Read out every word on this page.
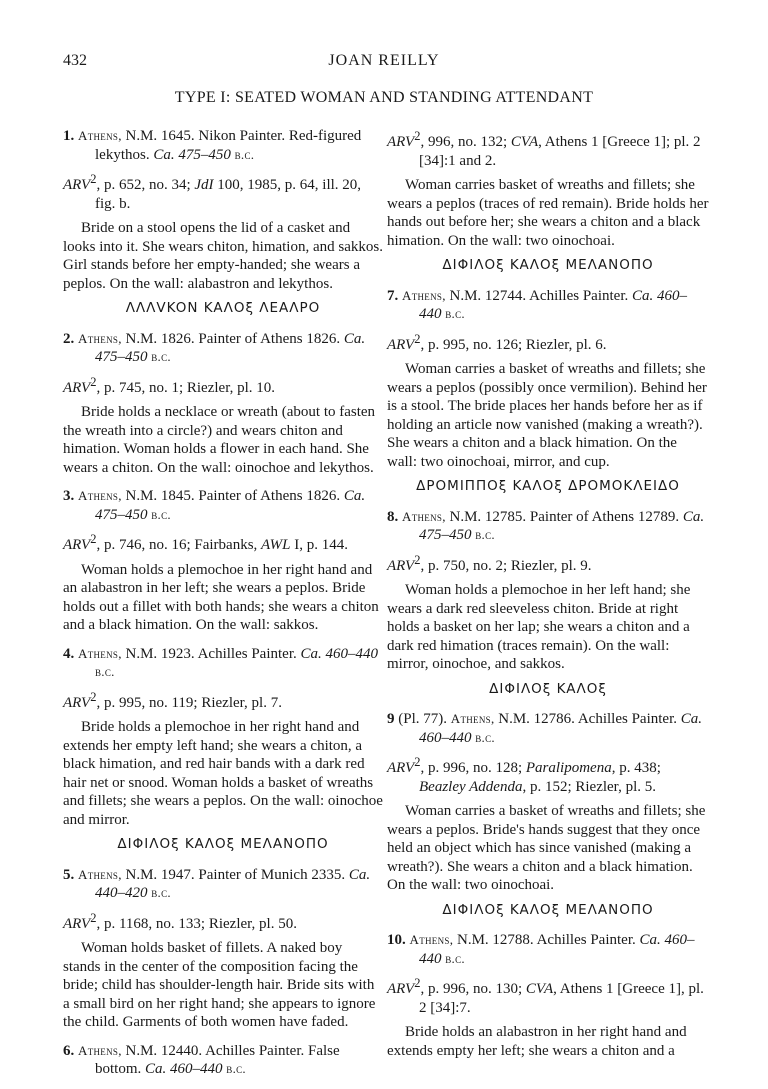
432	JOAN REILLY
TYPE I: SEATED WOMAN AND STANDING ATTENDANT

1. Athens, N.M. 1645. Nikon Painter. Red-figured lekythos. Ca. 475–450 b.c.

ARV$^2$, p. 652, no. 34; JdI 100, 1985, p. 64, ill. 20, fig. b.

Bride on a stool opens the lid of a casket and looks into it. She wears chiton, himation, and sakkos. Girl stands before her empty-handed; she wears a peplos. On the wall: alabastron and lekythos.

ΛΛΛVKON KAΛOξ ΛEAΛPO

2. Athens, N.M. 1826. Painter of Athens 1826. Ca. 475–450 b.c.

ARV$^2$, p. 745, no. 1; Riezler, pl. 10.

Bride holds a necklace or wreath (about to fasten the wreath into a circle?) and wears chiton and himation. Woman holds a flower in each hand. She wears a chiton. On the wall: oinochoe and lekythos.

3. Athens, N.M. 1845. Painter of Athens 1826. Ca. 475–450 b.c.

ARV$^2$, p. 746, no. 16; Fairbanks, AWL I, p. 144.

Woman holds a plemochoe in her right hand and an alabastron in her left; she wears a peplos. Bride holds out a fillet with both hands; she wears a chiton and a black himation. On the wall: sakkos.

4. Athens, N.M. 1923. Achilles Painter. Ca. 460–440 b.c.

ARV$^2$, p. 995, no. 119; Riezler, pl. 7.

Bride holds a plemochoe in her right hand and extends her empty left hand; she wears a chiton, a black himation, and red hair bands with a dark red hair net or snood. Woman holds a basket of wreaths and fillets; she wears a peplos. On the wall: oinochoe and mirror.

ΔIΦIΛOξ KAΛOξ MEΛANOΠO

5. Athens, N.M. 1947. Painter of Munich 2335. Ca. 440–420 b.c.

ARV$^2$, p. 1168, no. 133; Riezler, pl. 50.

Woman holds basket of fillets. A naked boy stands in the center of the composition facing the bride; child has shoulder-length hair. Bride sits with a small bird on her right hand; she appears to ignore the child. Garments of both women have faded.

6. Athens, N.M. 12440. Achilles Painter. False bottom. Ca. 460–440 b.c.

ARV$^2$, 996, no. 132; CVA, Athens 1 [Greece 1]; pl. 2 [34]:1 and 2.

Woman carries basket of wreaths and fillets; she wears a peplos (traces of red remain). Bride holds her hands out before her; she wears a chiton and a black himation. On the wall: two oinochoai.

ΔIΦIΛOξ KAΛOξ MEΛANOΠO

7. Athens, N.M. 12744. Achilles Painter. Ca. 460–440 b.c.

ARV$^2$, p. 995, no. 126; Riezler, pl. 6.

Woman carries a basket of wreaths and fillets; she wears a peplos (possibly once vermilion). Behind her is a stool. The bride places her hands before her as if holding an article now vanished (making a wreath?). She wears a chiton and a black himation. On the wall: two oinochoai, mirror, and cup.

ΔPOMIΠΠOξ KAΛOξ ΔPOMOKΛEIΔO

8. Athens, N.M. 12785. Painter of Athens 12789. Ca. 475–450 b.c.

ARV$^2$, p. 750, no. 2; Riezler, pl. 9.

Woman holds a plemochoe in her left hand; she wears a dark red sleeveless chiton. Bride at right holds a basket on her lap; she wears a chiton and a dark red himation (traces remain). On the wall: mirror, oinochoe, and sakkos.

ΔIΦIΛOξ KAΛOξ

9 (Pl. 77). Athens, N.M. 12786. Achilles Painter. Ca. 460–440 b.c.

ARV$^2$, p. 996, no. 128; Paralipomena, p. 438; Beazley Addenda, p. 152; Riezler, pl. 5.

Woman carries a basket of wreaths and fillets; she wears a peplos. Bride's hands suggest that they once held an object which has since vanished (making a wreath?). She wears a chiton and a black himation. On the wall: two oinochoai.

ΔIΦIΛOξ KAΛOξ MEΛANOΠO

10. Athens, N.M. 12788. Achilles Painter. Ca. 460–440 b.c.

ARV$^2$, p. 996, no. 130; CVA, Athens 1 [Greece 1], pl. 2 [34]:7.

Bride holds an alabastron in her right hand and extends empty her left; she wears a chiton and a
